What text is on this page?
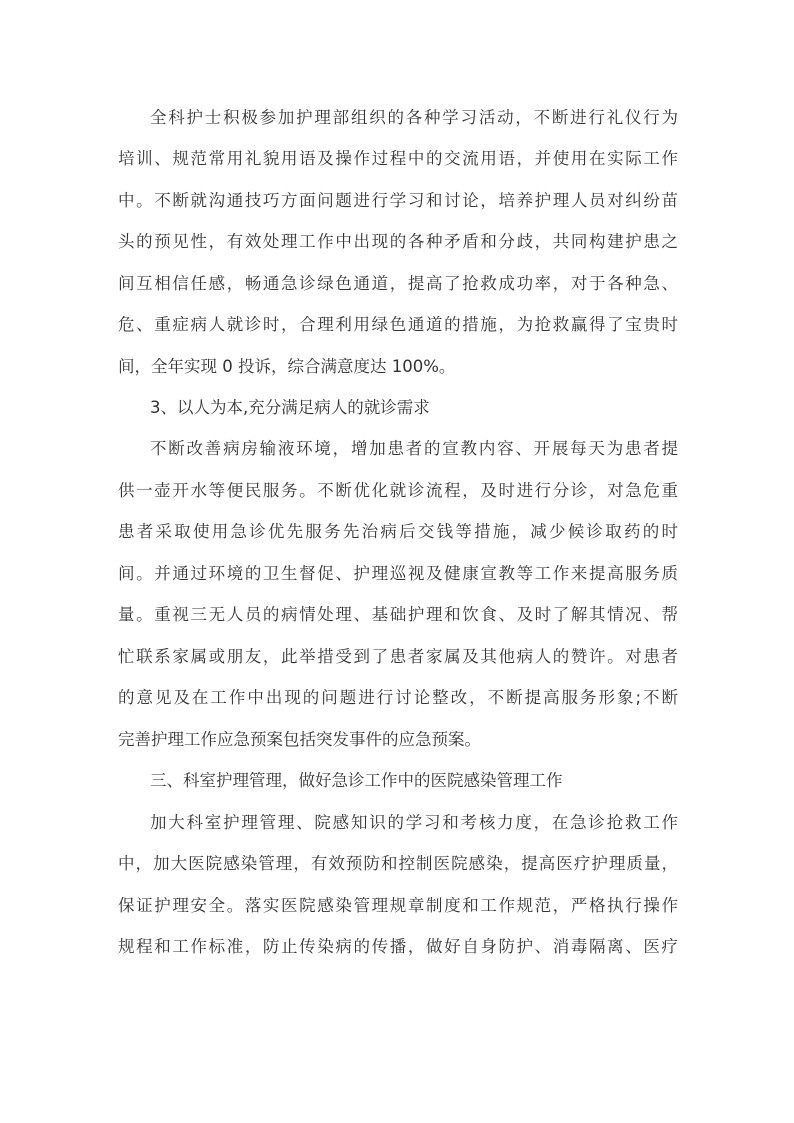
全科护士积极参加护理部组织的各种学习活动，不断进行礼仪行为
培训、规范常用礼貌用语及操作过程中的交流用语，并使用在实际工作
中。不断就沟通技巧方面问题进行学习和讨论，培养护理人员对纠纷苗
头的预见性，有效处理工作中出现的各种矛盾和分歧，共同构建护患之
间互相信任感，畅通急诊绿色通道，提高了抢救成功率，对于各种急、
危、重症病人就诊时，合理利用绿色通道的措施，为抢救赢得了宝贵时
间，全年实现 0 投诉，综合满意度达 100%。
3、以人为本,充分满足病人的就诊需求
不断改善病房输液环境，增加患者的宣教内容、开展每天为患者提
供一壶开水等便民服务。不断优化就诊流程，及时进行分诊，对急危重
患者采取使用急诊优先服务先治病后交钱等措施，减少候诊取药的时
间。并通过环境的卫生督促、护理巡视及健康宣教等工作来提高服务质
量。重视三无人员的病情处理、基础护理和饮食、及时了解其情况、帮
忙联系家属或朋友，此举措受到了患者家属及其他病人的赞许。对患者
的意见及在工作中出现的问题进行讨论整改，不断提高服务形象;不断
完善护理工作应急预案包括突发事件的应急预案。
三、科室护理管理，做好急诊工作中的医院感染管理工作
加大科室护理管理、院感知识的学习和考核力度，在急诊抢救工作
中，加大医院感染管理，有效预防和控制医院感染，提高医疗护理质量，
保证护理安全。落实医院感染管理规章制度和工作规范，严格执行操作
规程和工作标准，防止传染病的传播，做好自身防护、消毒隔离、医疗
